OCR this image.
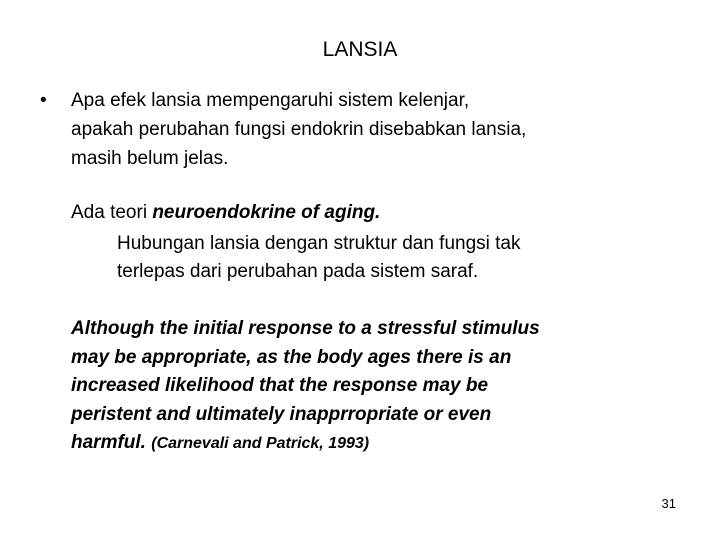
LANSIA
• Apa efek lansia mempengaruhi sistem kelenjar,
apakah perubahan fungsi endokrin disebabkan lansia,
masih belum jelas.
Ada teori neuroendokrine of aging.
Hubungan lansia dengan struktur dan fungsi tak
terlepas dari perubahan pada sistem saraf.
Although the initial response to a stressful stimulus
may be appropriate, as the body ages there is an
increased likelihood that the response may be
peristent and ultimately inapprropriate or even
harmful. (Carnevali and Patrick, 1993)
31
